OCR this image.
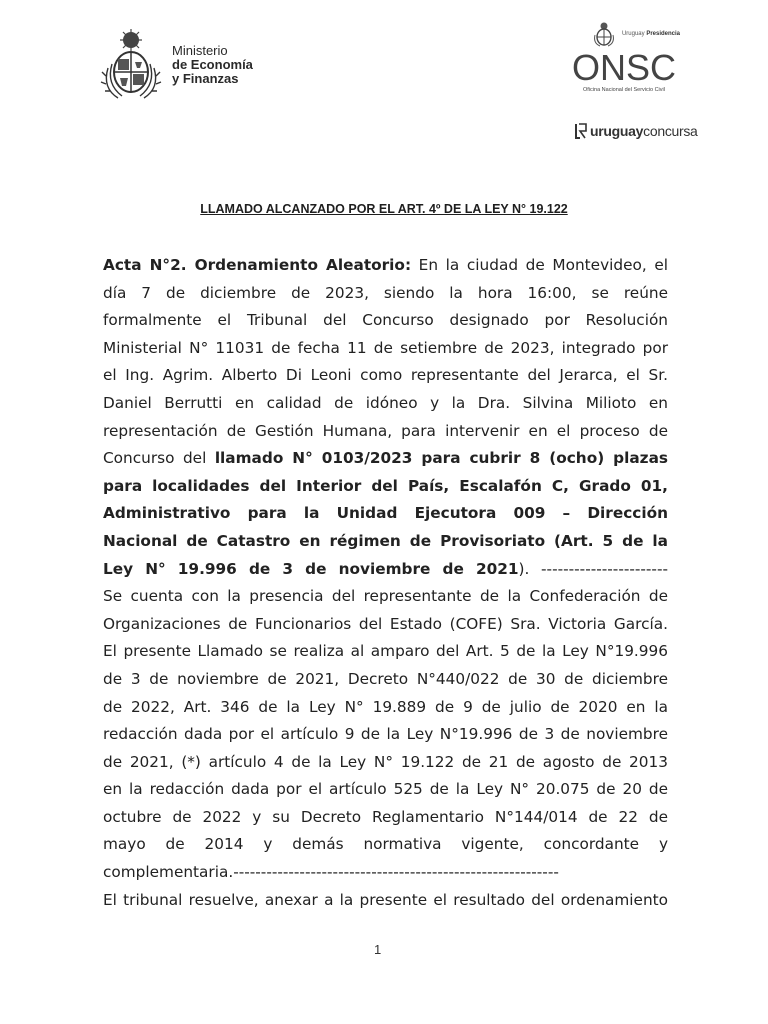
Ministerio
de Economía
y Finanzas
Uruguay Presidencia
ONSC
Oficina Nacional del Servicio Civil
uruguay concursa
LLAMADO ALCANZADO POR EL ART. 4º DE LA LEY N° 19.122
Acta N°2. Ordenamiento Aleatorio: En la ciudad de Montevideo, el
día 7 de diciembre de 2023, siendo la hora 16:00, se reúne
formalmente el Tribunal del Concurso designado por Resolución
Ministerial N° 11031 de fecha 11 de setiembre de 2023, integrado por
el Ing. Agrim. Alberto Di Leoni como representante del Jerarca, el Sr.
Daniel Berrutti en calidad de idóneo y la Dra. Silvina Milioto en
representación de Gestión Humana, para intervenir en el proceso de
Concurso del llamado N° 0103/2023 para cubrir 8 (ocho) plazas
para localidades del Interior del País, Escalafón C, Grado 01,
Administrativo para la Unidad Ejecutora 009 – Dirección
Nacional de Catastro en régimen de Provisoriato (Art. 5 de la
Ley N° 19.996 de 3 de noviembre de 2021). -----------------------
Se cuenta con la presencia del representante de la Confederación de
Organizaciones de Funcionarios del Estado (COFE) Sra. Victoria García.
El presente Llamado se realiza al amparo del Art. 5 de la Ley N°19.996
de 3 de noviembre de 2021, Decreto N°440/022 de 30 de diciembre
de 2022, Art. 346 de la Ley N° 19.889 de 9 de julio de 2020 en la
redacción dada por el artículo 9 de la Ley N°19.996 de 3 de noviembre
de 2021, (*) artículo 4 de la Ley N° 19.122 de 21 de agosto de 2013
en la redacción dada por el artículo 525 de la Ley N° 20.075 de 20 de
octubre de 2022 y su Decreto Reglamentario N°144/014 de 22 de
mayo de 2014 y demás normativa vigente, concordante y
complementaria.-----------------------------------------------------------
El tribunal resuelve, anexar a la presente el resultado del ordenamiento
1
